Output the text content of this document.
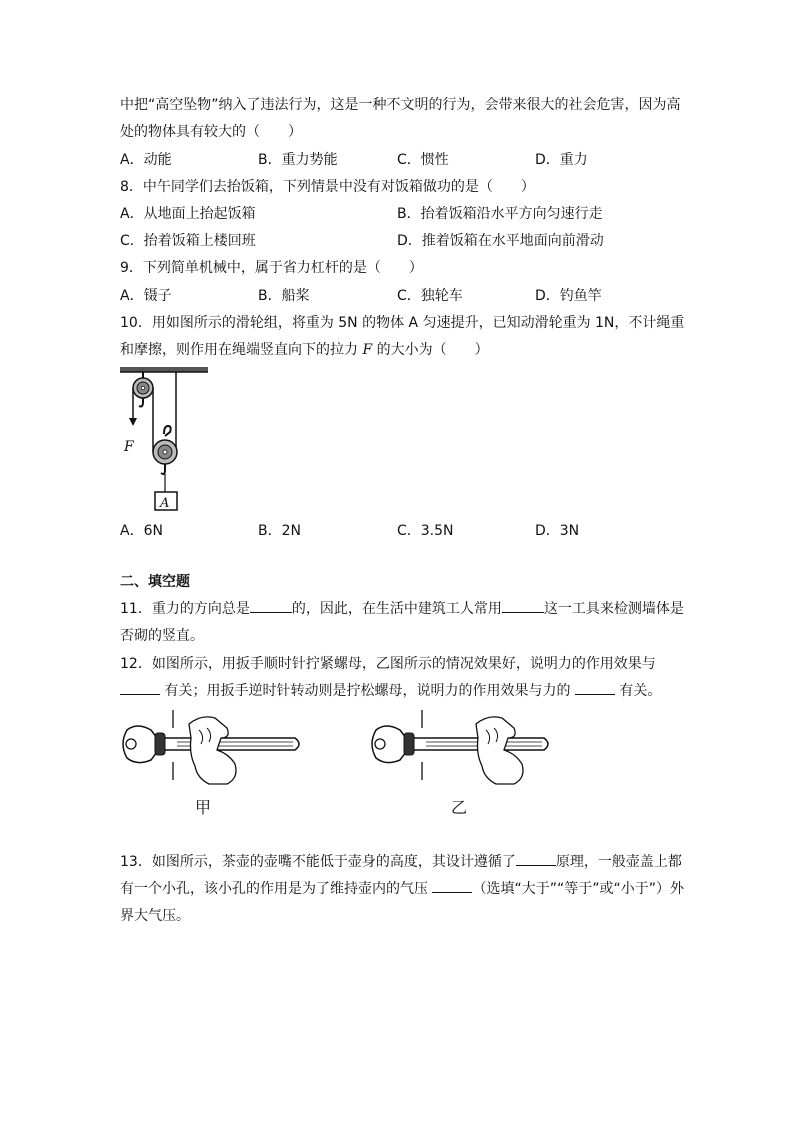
中把“高空坠物”纳入了违法行为，这是一种不文明的行为，会带来很大的社会危害，因为高
处的物体具有较大的（　　）
A．动能	B．重力势能	C．惯性	D．重力
8．中午同学们去抬饭箱，下列情景中没有对饭箱做功的是（　　）
A．从地面上抬起饭箱	B．抬着饭箱沿水平方向匀速行走
C．抬着饭箱上楼回班	D．推着饭箱在水平地面向前滑动
9．下列简单机械中，属于省力杠杆的是（　　）
A．镊子	B．船桨	C．独轮车	D．钓鱼竿
10．用如图所示的滑轮组，将重为 5N 的物体 A 匀速提升，已知动滑轮重为 1N，不计绳重
和摩擦，则作用在绳端竖直向下的拉力 F 的大小为（　　）
F
A
A．6N	B．2N	C．3.5N	D．3N
二、填空题
11．重力的方向总是	的，因此，在生活中建筑工人常用	这一工具来检测墙体是
否砌的竖直。
12．如图所示，用扳手顺时针拧紧螺母，乙图所示的情况效果好，说明力的作用效果与
有关；用扳手逆时针转动则是拧松螺母，说明力的作用效果与力的	有关。
甲	乙
13．如图所示，茶壶的壶嘴不能低于壶身的高度，其设计遵循了	原理，一般壶盖上都
有一个小孔，该小孔的作用是为了维持壶内的气压	（选填“大于”“等于”或“小于”）外
界大气压。
